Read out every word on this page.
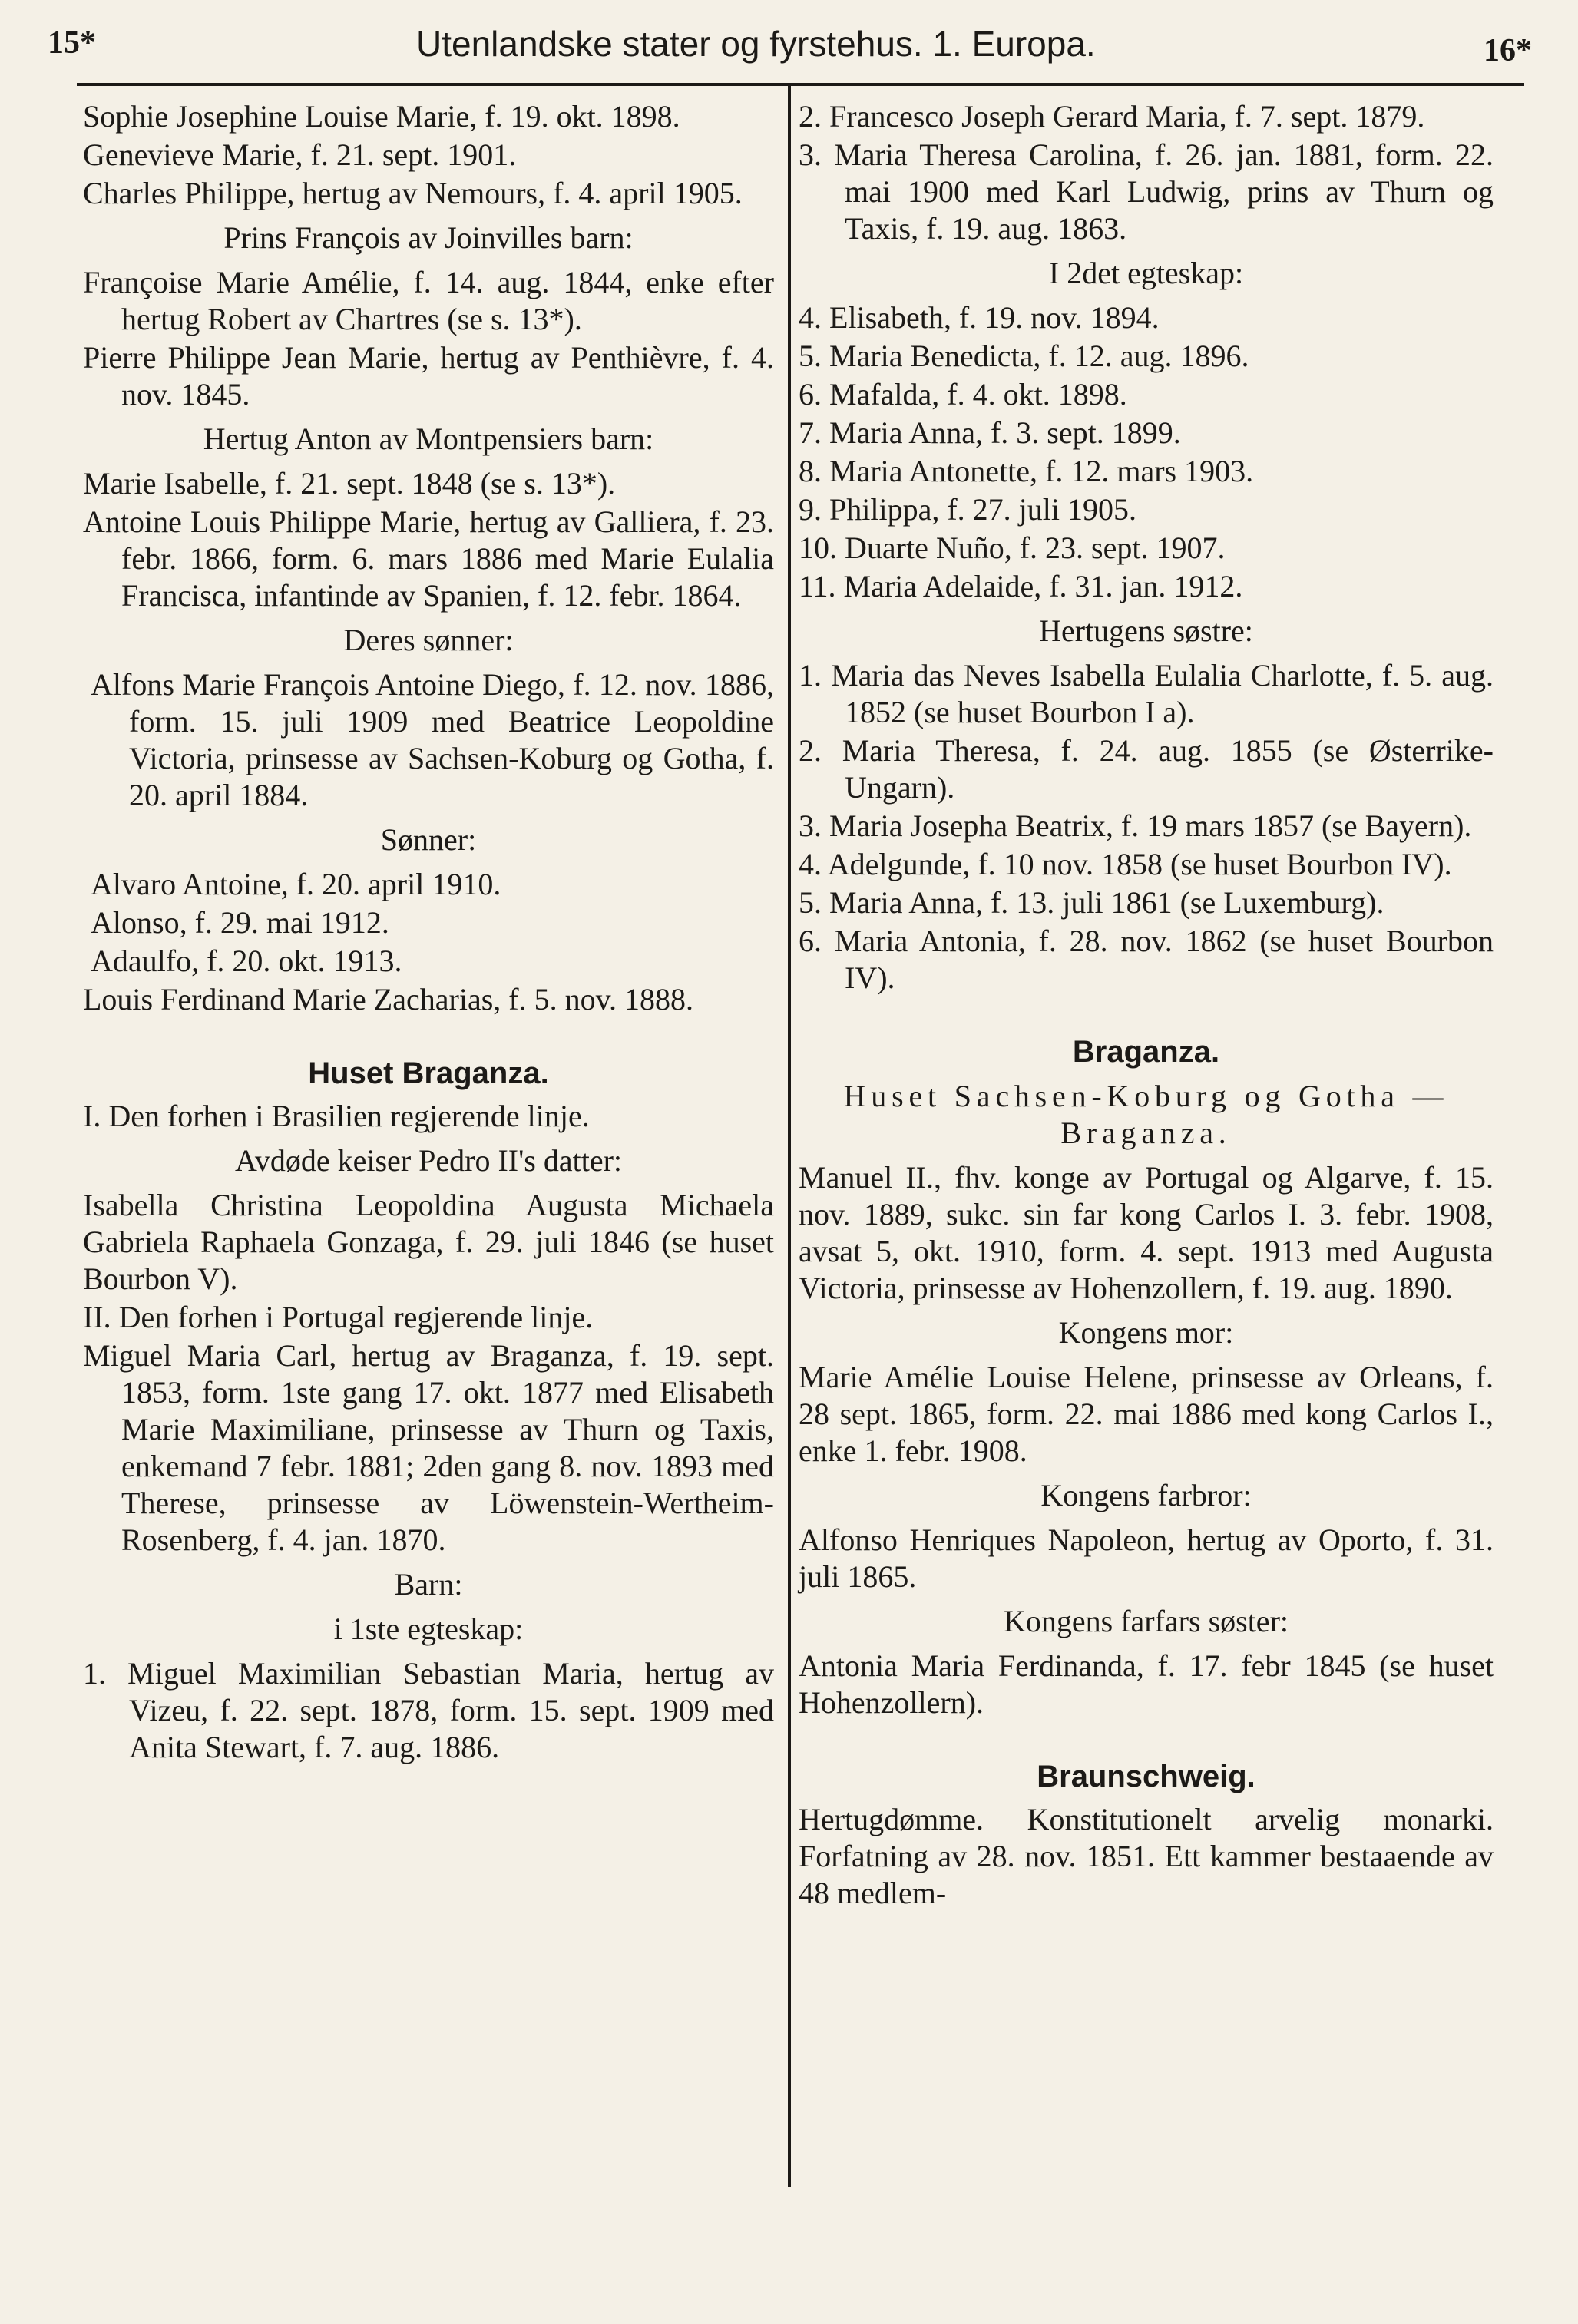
15*	Utenlandske stater og fyrstehus. 1. Europa.	16*

Sophie Josephine Louise Marie, f. 19. okt. 1898.

Genevieve Marie, f. 21. sept. 1901.

Charles Philippe, hertug av Nemours, f. 4. april 1905.

Prins François av Joinvilles barn:

Françoise Marie Amélie, f. 14. aug. 1844, enke efter hertug Robert av Chartres (se s. 13*).

Pierre Philippe Jean Marie, hertug av Penthièvre, f. 4. nov. 1845.

Hertug Anton av Montpensiers barn:

Marie Isabelle, f. 21. sept. 1848 (se s. 13*).

Antoine Louis Philippe Marie, hertug av Galliera, f. 23. febr. 1866, form. 6. mars 1886 med Marie Eulalia Francisca, infantinde av Spanien, f. 12. febr. 1864.

Deres sønner:

Alfons Marie François Antoine Diego, f. 12. nov. 1886, form. 15. juli 1909 med Beatrice Leopoldine Victoria, prinsesse av Sachsen-Koburg og Gotha, f. 20. april 1884.

Sønner:

Alvaro Antoine, f. 20. april 1910.

Alonso, f. 29. mai 1912.

Adaulfo, f. 20. okt. 1913.

Louis Ferdinand Marie Zacharias, f. 5. nov. 1888.

Huset Braganza.

I. Den forhen i Brasilien regjerende linje.

Avdøde keiser Pedro II's datter:

Isabella Christina Leopoldina Augusta Michaela Gabriela Raphaela Gonzaga, f. 29. juli 1846 (se huset Bourbon V).

II. Den forhen i Portugal regjerende linje.

Miguel Maria Carl, hertug av Braganza, f. 19. sept. 1853, form. 1ste gang 17. okt. 1877 med Elisabeth Marie Maximiliane, prinsesse av Thurn og Taxis, enkemand 7 febr. 1881; 2den gang 8. nov. 1893 med Therese, prinsesse av Löwenstein-Wertheim-Rosenberg, f. 4. jan. 1870.

Barn:

i 1ste egteskap:

1. Miguel Maximilian Sebastian Maria, hertug av Vizeu, f. 22. sept. 1878, form. 15. sept. 1909 med Anita Stewart, f. 7. aug. 1886.

2. Francesco Joseph Gerard Maria, f. 7. sept. 1879.

3. Maria Theresa Carolina, f. 26. jan. 1881, form. 22. mai 1900 med Karl Ludwig, prins av Thurn og Taxis, f. 19. aug. 1863.

I 2det egteskap:

4. Elisabeth, f. 19. nov. 1894.

5. Maria Benedicta, f. 12. aug. 1896.

6. Mafalda, f. 4. okt. 1898.

7. Maria Anna, f. 3. sept. 1899.

8. Maria Antonette, f. 12. mars 1903.

9. Philippa, f. 27. juli 1905.

10. Duarte Nuño, f. 23. sept. 1907.

11. Maria Adelaide, f. 31. jan. 1912.

Hertugens søstre:

1. Maria das Neves Isabella Eulalia Charlotte, f. 5. aug. 1852 (se huset Bourbon I a).

2. Maria Theresa, f. 24. aug. 1855 (se Østerrike-Ungarn).

3. Maria Josepha Beatrix, f. 19 mars 1857 (se Bayern).

4. Adelgunde, f. 10 nov. 1858 (se huset Bourbon IV).

5. Maria Anna, f. 13. juli 1861 (se Luxemburg).

6. Maria Antonia, f. 28. nov. 1862 (se huset Bourbon IV).

Braganza.

Huset Sachsen-Koburg og Gotha —Braganza.

Manuel II., fhv. konge av Portugal og Algarve, f. 15. nov. 1889, sukc. sin far kong Carlos I. 3. febr. 1908, avsat 5, okt. 1910, form. 4. sept. 1913 med Augusta Victoria, prinsesse av Hohenzollern, f. 19. aug. 1890.

Kongens mor:

Marie Amélie Louise Helene, prinsesse av Orleans, f. 28 sept. 1865, form. 22. mai 1886 med kong Carlos I., enke 1. febr. 1908.

Kongens farbror:

Alfonso Henriques Napoleon, hertug av Oporto, f. 31. juli 1865.

Kongens farfars søster:

Antonia Maria Ferdinanda, f. 17. febr 1845 (se huset Hohenzollern).

Braunschweig.

Hertugdømme. Konstitutionelt arvelig monarki. Forfatning av 28. nov. 1851. Ett kammer bestaaende av 48 medlem-
